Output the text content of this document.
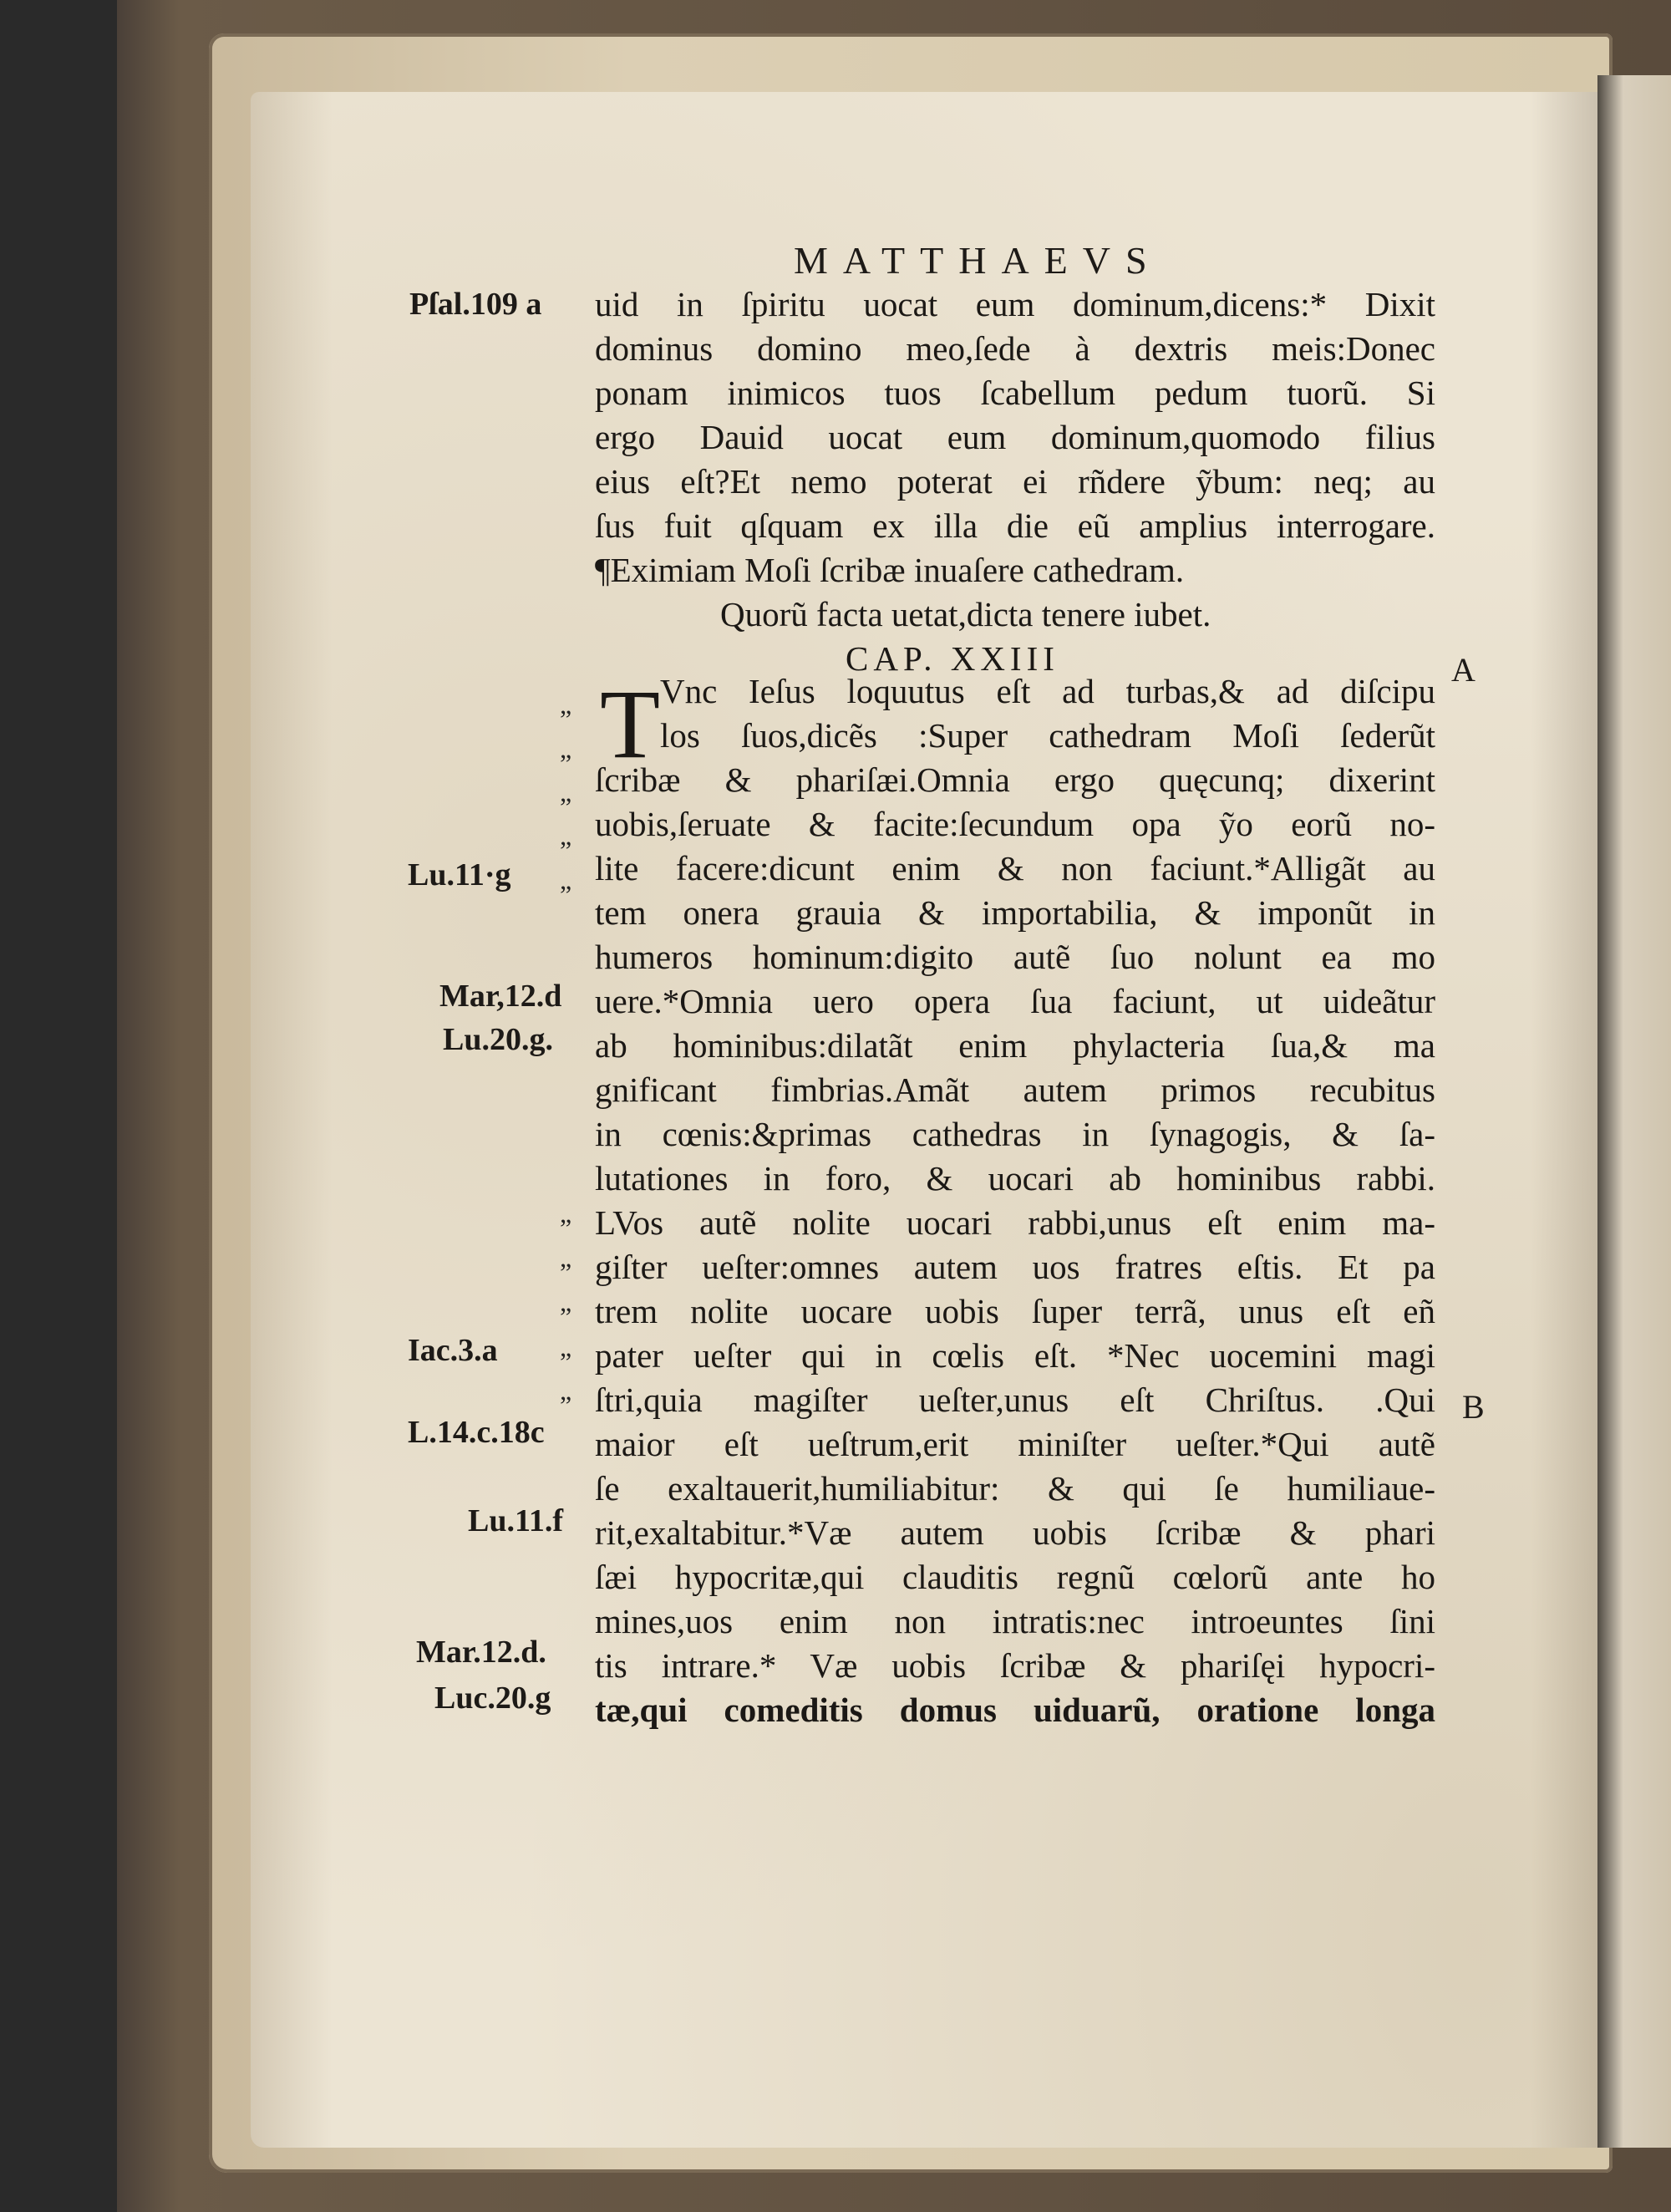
MATTHAEVS
uid in ſpiritu uocat eum dominum,dicens:* Dixit
dominus domino meo,ſede à dextris meis:Donec
ponam inimicos tuos ſcabellum pedum tuorũ. Si
ergo Dauid uocat eum dominum,quomodo filius
eius eſt?Et nemo poterat ei rñdere ỹbum: neq; au
ſus fuit qſquam ex illa die eũ amplius interrogare.
¶Eximiam Moſi ſcribæ inuaſere cathedram.
Quorũ facta uetat,dicta tenere iubet.
CAP. XXIII
T Vnc Ieſus loquutus eſt ad turbas,& ad diſcipu
los ſuos,dicẽs :Super cathedram Moſi ſederũt
ſcribæ & phariſæi.Omnia ergo quęcunq; dixerint
uobis,ſeruate & facite:ſecundum opa ỹo eorũ no-
lite facere:dicunt enim & non faciunt.*Alligãt au
tem onera grauia & importabilia, & imponũt in
humeros hominum:digito autẽ ſuo nolunt ea mo
uere.*Omnia uero opera ſua faciunt, ut uideãtur
ab hominibus:dilatãt enim phylacteria ſua,& ma
gnificant fimbrias.Amãt autem primos recubitus
in cœnis:&primas cathedras in ſynagogis, & ſa-
lutationes in foro, & uocari ab hominibus rabbi.
LVos autẽ nolite uocari rabbi,unus eſt enim ma-
giſter ueſter:omnes autem uos fratres eſtis. Et pa
trem nolite uocare uobis ſuper terrã, unus eſt eñ
pater ueſter qui in cœlis eſt. *Nec uocemini magi
ſtri,quia magiſter ueſter,unus eſt Chriſtus. .Qui
maior eſt ueſtrum,erit miniſter ueſter.*Qui autẽ
ſe exaltauerit,humiliabitur: & qui ſe humiliaue-
rit,exaltabitur.*Væ autem uobis ſcribæ & phari
ſæi hypocritæ,qui clauditis regnũ cœlorũ ante ho
mines,uos enim non intratis:nec introeuntes ſini
tis intrare.* Væ uobis ſcribæ & phariſęi hypocri-
tæ,qui comeditis domus uiduarũ, oratione longa
Pſal.109 a
Lu.11·g
Mar,12.d
Lu.20.g.
Iac.3.a
L.14.c.18c
Lu.11.f
Mar.12.d.
Luc.20.g
„
„
„
„
„
„
„
„
„
„
A
B
